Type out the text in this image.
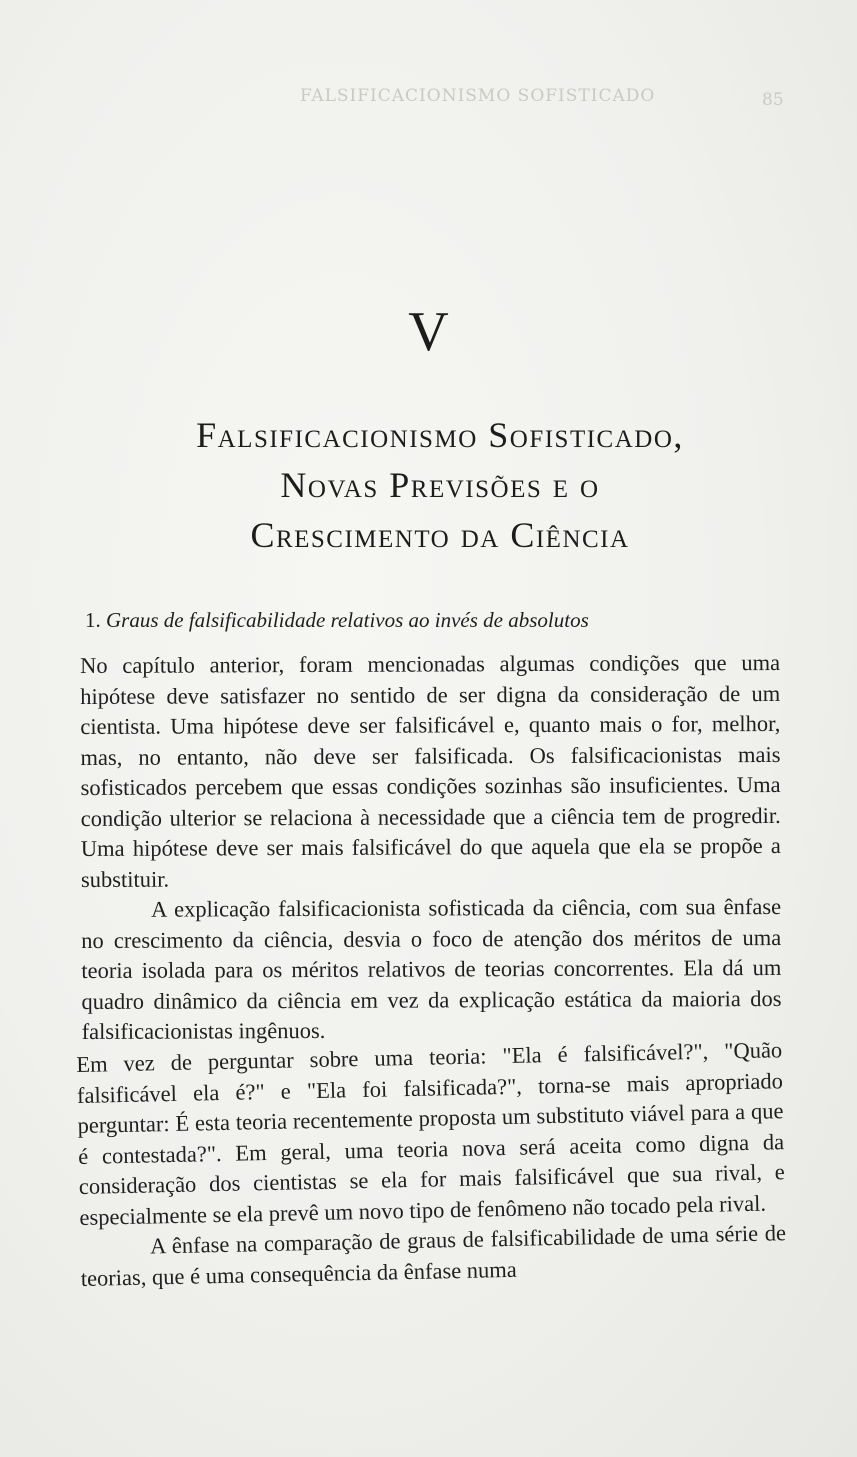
FALSIFICACIONISMO SOFISTICADO	85
V
Falsificacionismo Sofisticado,
Novas Previsões e o
Crescimento da Ciência
1. Graus de falsificabilidade relativos ao invés de absolutos

No capítulo anterior, foram mencionadas algumas condições que uma hipótese deve satisfazer no sentido de ser digna da consideração de um cientista. Uma hipótese deve ser falsificável e, quanto mais o for, melhor, mas, no entanto, não deve ser falsificada. Os falsificacionistas mais sofisticados percebem que essas condições sozinhas são insuficientes. Uma condição ulterior se relaciona à necessidade que a ciência tem de progredir. Uma hipótese deve ser mais falsificável do que aquela que ela se propõe a substituir.

A explicação falsificacionista sofisticada da ciência, com sua ênfase no crescimento da ciência, desvia o foco de atenção dos méritos de uma teoria isolada para os méritos relativos de teorias concorrentes. Ela dá um quadro dinâmico da ciência em vez da explicação estática da maioria dos falsificacionistas ingênuos.

Em vez de perguntar sobre uma teoria: "Ela é falsificável?", "Quão falsificável ela é?" e "Ela foi falsificada?", torna-se mais apropriado perguntar: É esta teoria recentemente proposta um substituto viável para a que é contestada?". Em geral, uma teoria nova será aceita como digna da consideração dos cientistas se ela for mais falsificável que sua rival, e especialmente se ela prevê um novo tipo de fenômeno não tocado pela rival.

A ênfase na comparação de graus de falsificabilidade de uma série de teorias, que é uma consequência da ênfase numa
